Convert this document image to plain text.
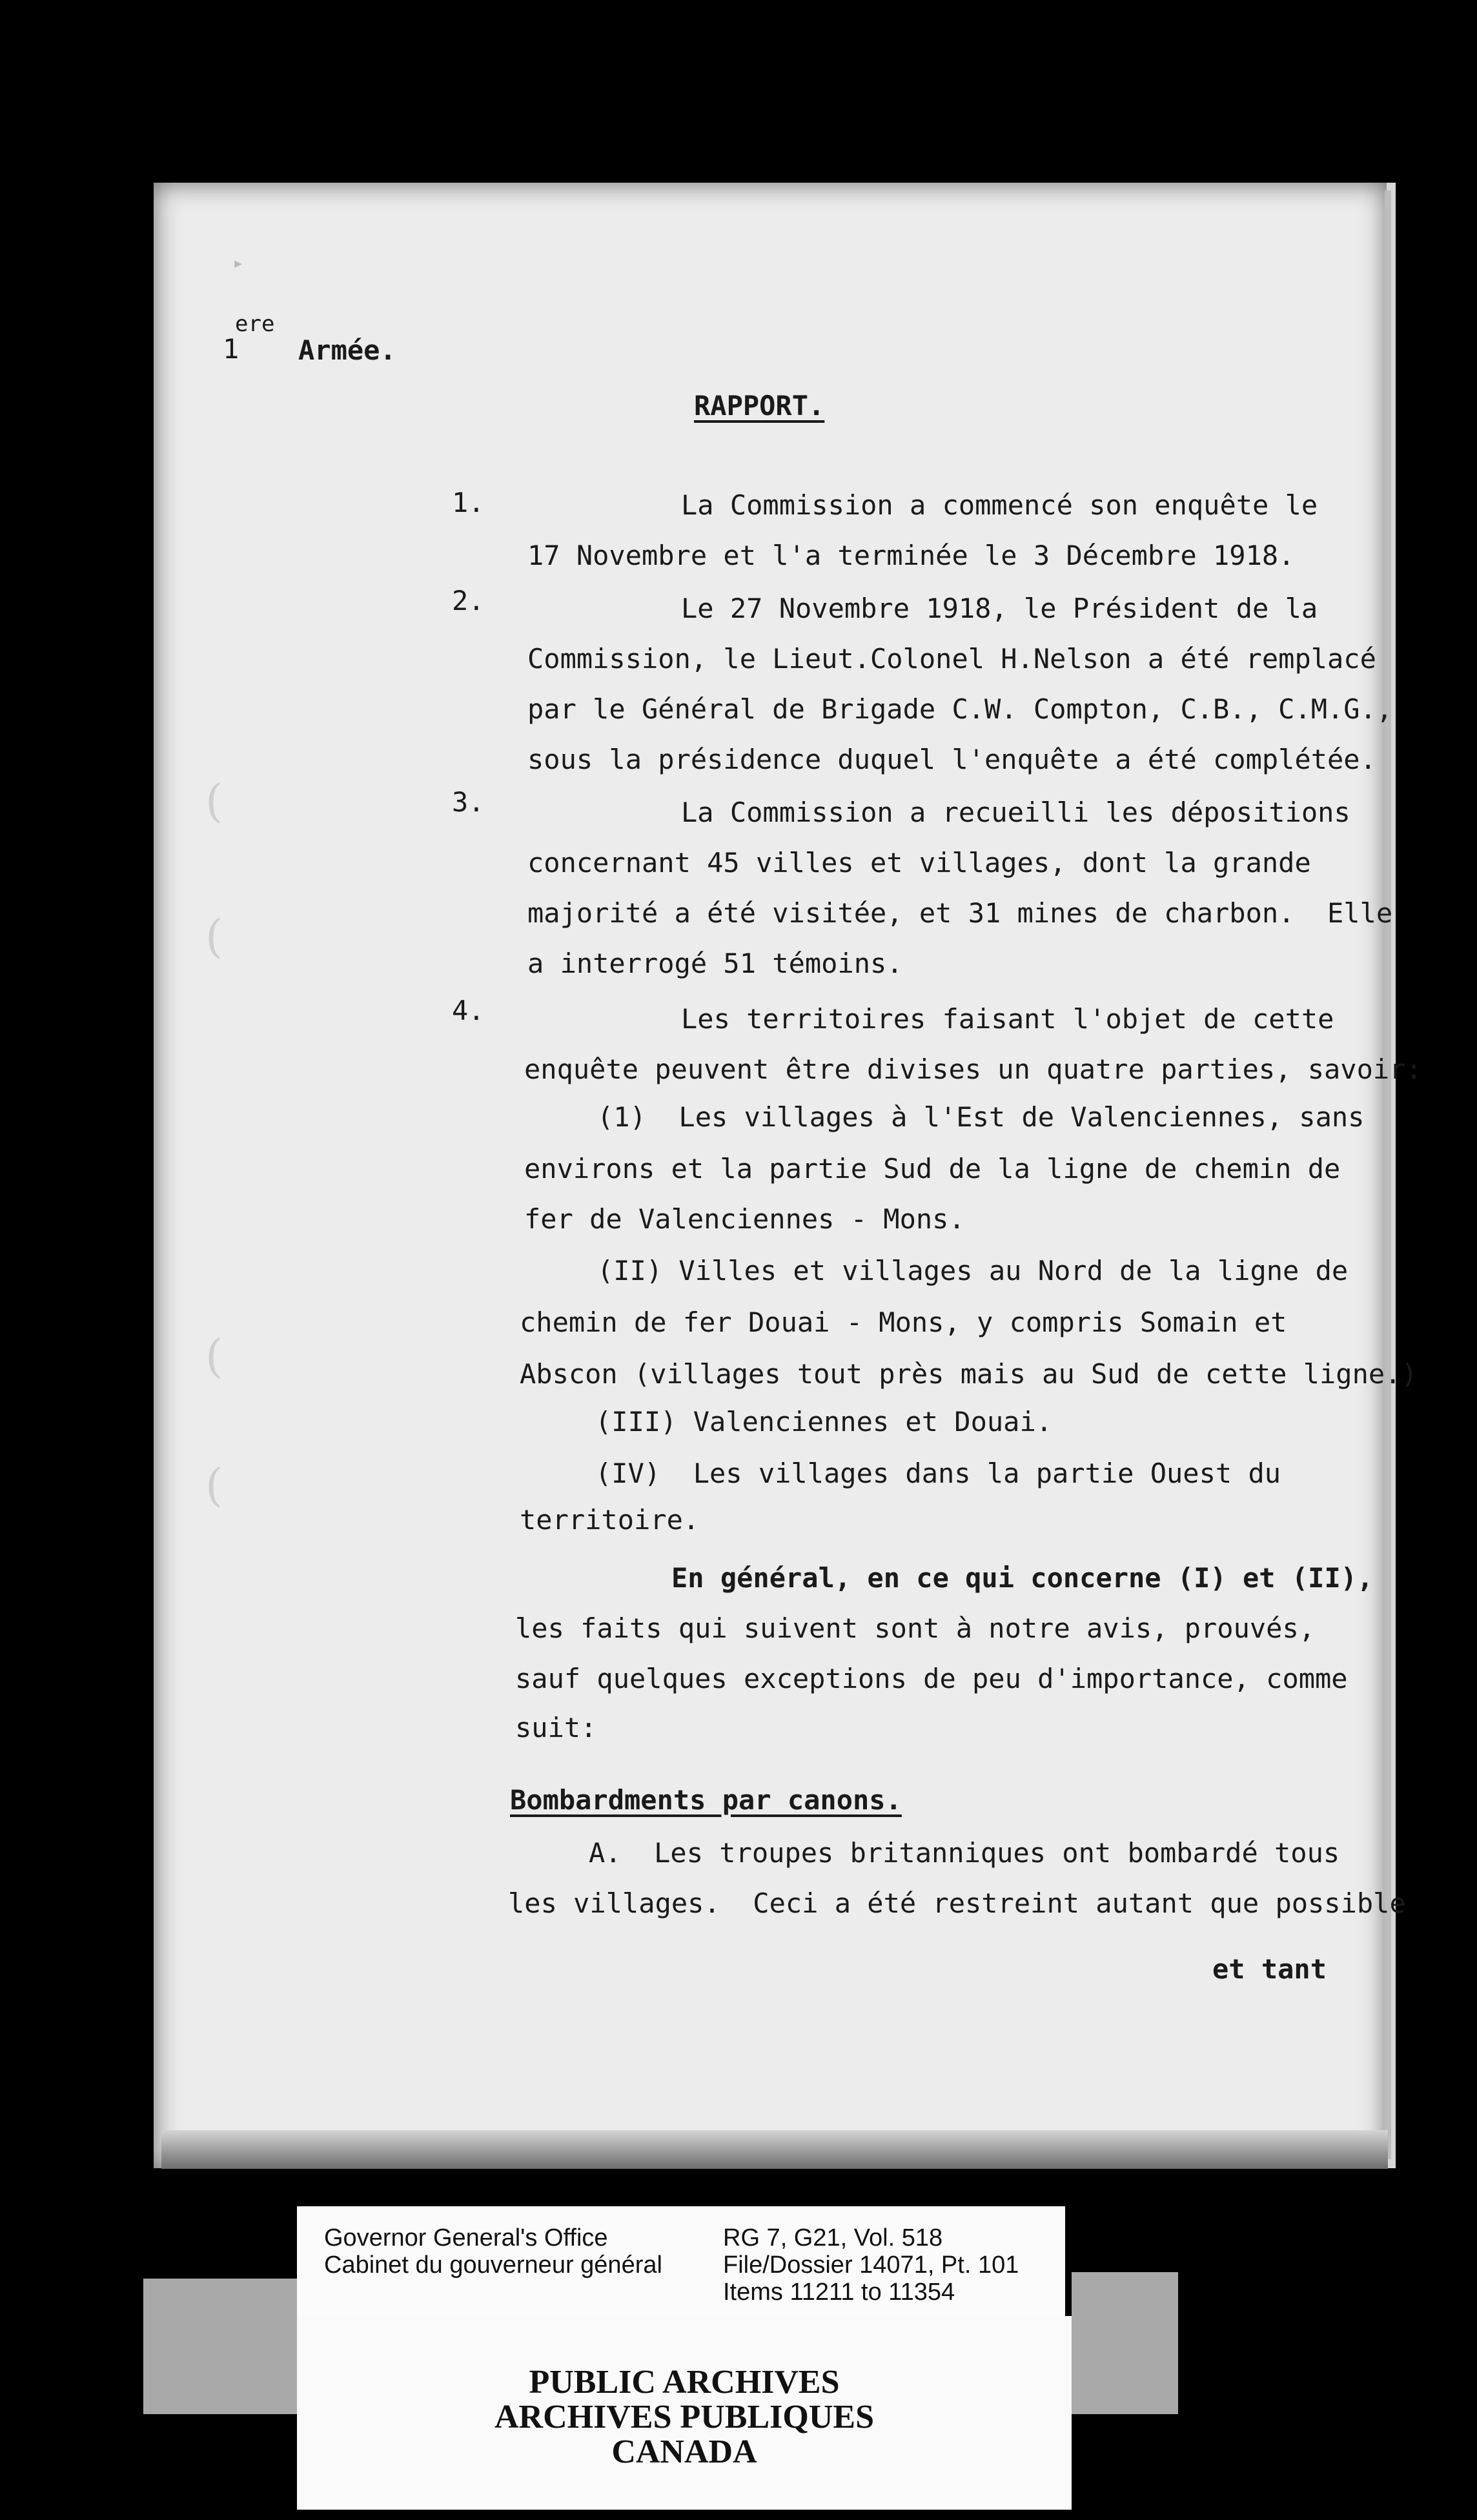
(
(
(
(
▸
ere
1 Armée.
RAPPORT.
1.
2.
3.
4.
La Commission a commencé son enquête le
17 Novembre et l'a terminée le 3 Décembre 1918.
Le 27 Novembre 1918, le Président de la
Commission, le Lieut.Colonel H.Nelson a été remplacé
par le Général de Brigade C.W. Compton, C.B., C.M.G.,
sous la présidence duquel l'enquête a été complétée.
La Commission a recueilli les dépositions
concernant 45 villes et villages, dont la grande
majorité a été visitée, et 31 mines de charbon.  Elle
a interrogé 51 témoins.
Les territoires faisant l'objet de cette
enquête peuvent être divises un quatre parties, savoir:
(1)  Les villages à l'Est de Valenciennes, sans
environs et la partie Sud de la ligne de chemin de
fer de Valenciennes - Mons.
(II) Villes et villages au Nord de la ligne de
chemin de fer Douai - Mons, y compris Somain et
Abscon (villages tout près mais au Sud de cette ligne.)
(III) Valenciennes et Douai.
(IV)  Les villages dans la partie Ouest du
territoire.
En général, en ce qui concerne (I) et (II),
les faits qui suivent sont à notre avis, prouvés,
sauf quelques exceptions de peu d'importance, comme
suit:
Bombardments par canons.
A.  Les troupes britanniques ont bombardé tous
les villages.  Ceci a été restreint autant que possible
et tant
Governor General's Office
Cabinet du gouverneur général
RG 7, G21, Vol. 518
File/Dossier 14071, Pt. 101
Items 11211 to 11354
PUBLIC ARCHIVES
ARCHIVES PUBLIQUES
CANADA
